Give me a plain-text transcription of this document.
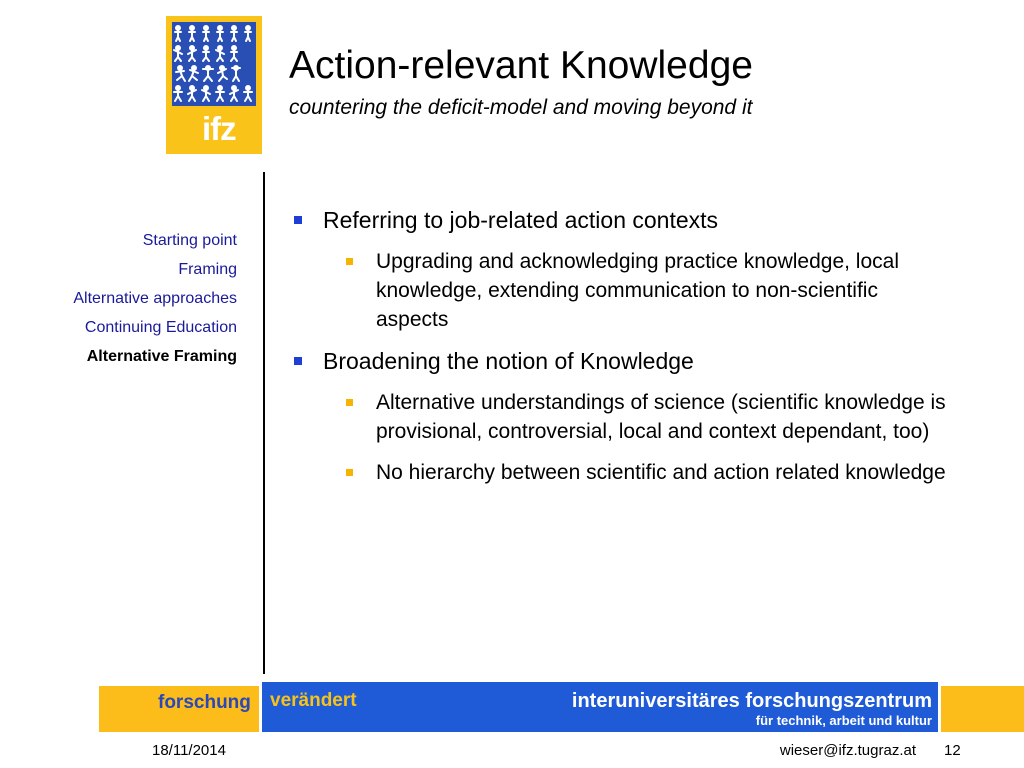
ifz
Action-relevant Knowledge
countering the deficit-model and moving beyond it
Starting point
Framing
Alternative approaches
Continuing Education
Alternative Framing
Referring to job-related action contexts
Upgrading and acknowledging practice knowledge, local knowledge, extending communication to non-scientific aspects
Broadening the notion of Knowledge
Alternative understandings of science (scientific knowledge is provisional, controversial, local and context dependant, too)
No hierarchy between scientific and action related knowledge
forschung verändert	interuniversitäres forschungszentrum
für technik, arbeit und kultur
18/11/2014	wieser@ifz.tugraz.at 12
